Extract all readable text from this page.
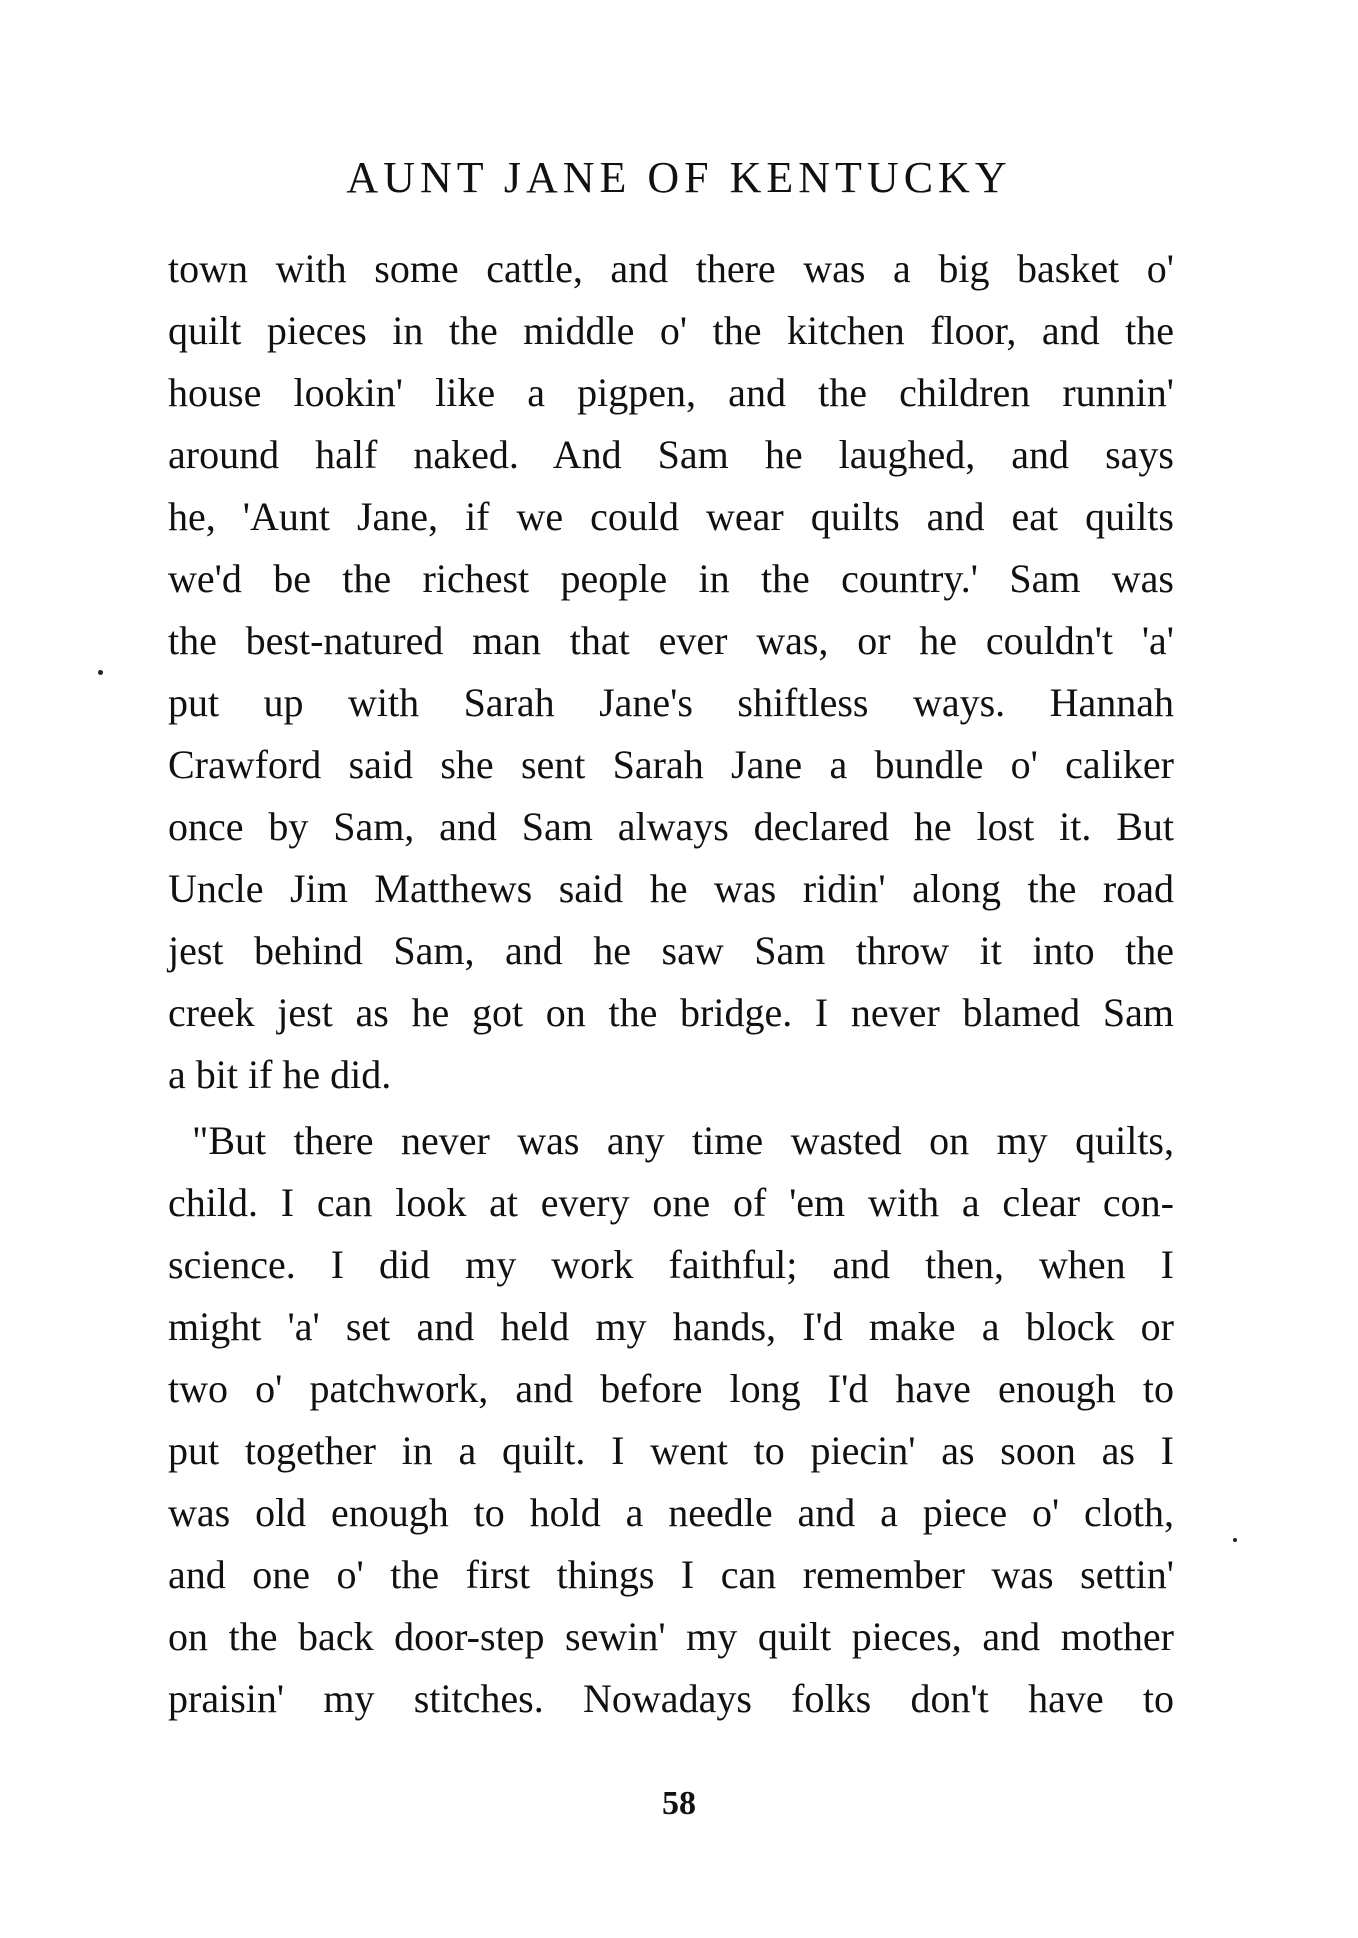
AUNT JANE OF KENTUCKY
town with some cattle, and there was a big basket o'
quilt pieces in the middle o' the kitchen floor, and the
house lookin' like a pigpen, and the children runnin'
around half naked. And Sam he laughed, and says
he, 'Aunt Jane, if we could wear quilts and eat quilts
we'd be the richest people in the country.' Sam was
the best-natured man that ever was, or he couldn't 'a'
put up with Sarah Jane's shiftless ways. Hannah
Crawford said she sent Sarah Jane a bundle o' caliker
once by Sam, and Sam always declared he lost it. But
Uncle Jim Matthews said he was ridin' along the road
jest behind Sam, and he saw Sam throw it into the
creek jest as he got on the bridge. I never blamed Sam
a bit if he did.
"But there never was any time wasted on my quilts,
child. I can look at every one of 'em with a clear con-
science. I did my work faithful; and then, when I
might 'a' set and held my hands, I'd make a block or
two o' patchwork, and before long I'd have enough to
put together in a quilt. I went to piecin' as soon as I
was old enough to hold a needle and a piece o' cloth,
and one o' the first things I can remember was settin'
on the back door-step sewin' my quilt pieces, and mother
praisin' my stitches. Nowadays folks don't have to
58
